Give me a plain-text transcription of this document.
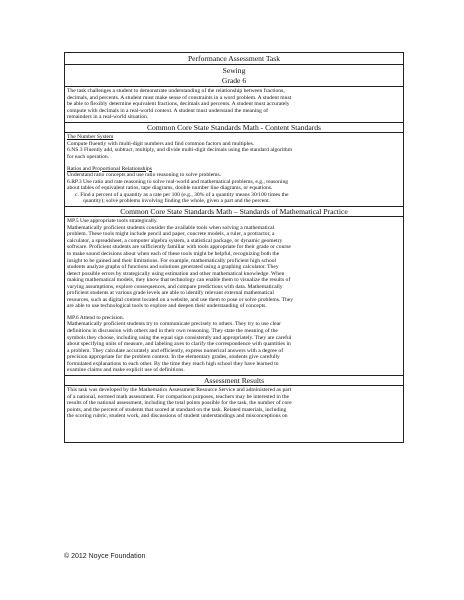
Performance Assessment Task
Sewing
Grade 6

The task challenges a student to demonstrate understanding of the relationship between fractions,

decimals, and percents. A student must make sense of constraints in a word problem. A student must

be able to flexibly determine equivalent fractions, decimals and percents. A student must accurately

compute with decimals in a real-world context. A student must understand the meaning of

remainders in a real-world situation.

Common Core State Standards Math - Content Standards

The Number System

Compute fluently with multi-digit numbers and find common factors and multiples.

6.NS.3 Fluently add, subtract, multiply, and divide multi-digit decimals using the standard algorithm

for each operation.

Ratios and Proportional Relationships

Understand ratio concepts and use ratio reasoning to solve problems.

6.RP.3 Use ratio and rate reasoning to solve real-world and mathematical problems, e.g., reasoning

about tables of equivalent ratios, tape diagrams, double number line diagrams, or equations.

c. Find a percent of a quantity as a rate per 100 (e.g., 30% of a quantity means 30/100 times the

quantity); solve problems involving finding the whole, given a part and the percent.

Common Core State Standards Math – Standards of Mathematical Practice

MP.5 Use appropriate tools strategically.

Mathematically proficient students consider the available tools when solving a mathematical

problem. These tools might include pencil and paper, concrete models, a ruler, a protractor, a

calculator, a spreadsheet, a computer algebra system, a statistical package, or dynamic geometry

software. Proficient students are sufficiently familiar with tools appropriate for their grade or course

to make sound decisions about when each of these tools might be helpful, recognizing both the

insight to be gained and their limitations. For example, mathematically proficient high school

students analyze graphs of functions and solutions generated using a graphing calculator. They

detect possible errors by strategically using estimation and other mathematical knowledge. When

making mathematical models, they know that technology can enable them to visualize the results of

varying assumptions, explore consequences, and compare predictions with data. Mathematically

proficient students at various grade levels are able to identify relevant external mathematical

resources, such as digital content located on a website, and use them to pose or solve problems. They

are able to use technological tools to explore and deepen their understanding of concepts.

MP.6 Attend to precision.

Mathematically proficient students try to communicate precisely to others. They try to use clear

definitions in discussion with others and in their own reasoning. They state the meaning of the

symbols they choose, including using the equal sign consistently and appropriately. They are careful

about specifying units of measure, and labeling axes to clarify the correspondence with quantities in

a problem. They calculate accurately and efficiently, express numerical answers with a degree of

precision appropriate for the problem context. In the elementary grades, students give carefully

formulated explanations to each other. By the time they reach high school they have learned to

examine claims and make explicit use of definitions.

Assessment Results

This task was developed by the Mathematics Assessment Resource Service and administered as part

of a national, normed math assessment. For comparison purposes, teachers may be interested in the

results of the national assessment, including the total points possible for the task, the number of core

points, and the percent of students that scored at standard on the task. Related materials, including

the scoring rubric, student work, and discussions of student understandings and misconceptions on

© 2012 Noyce Foundation
